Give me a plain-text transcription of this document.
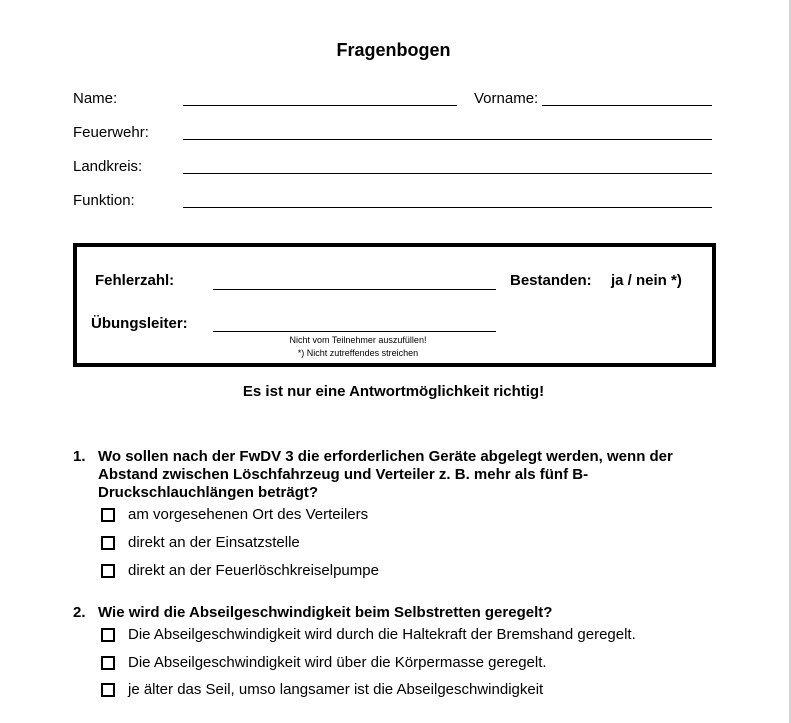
Fragenbogen
Name:	Vorname:
Feuerwehr:
Landkreis:
Funktion:
Fehlerzahl:	Bestanden: ja / nein *)
Übungsleiter:
Nicht vom Teilnehmer auszufüllen!
*) Nicht zutreffendes streichen
Es ist nur eine Antwortmöglichkeit richtig!
1. Wo sollen nach der FwDV 3 die erforderlichen Geräte abgelegt werden, wenn der Abstand zwischen Löschfahrzeug und Verteiler z. B. mehr als fünf B-Druckschlauchlängen beträgt?
am vorgesehenen Ort des Verteilers
direkt an der Einsatzstelle
direkt an der Feuerlöschkreiselpumpe
2. Wie wird die Abseilgeschwindigkeit beim Selbstretten geregelt?
Die Abseilgeschwindigkeit wird durch die Haltekraft der Bremshand geregelt.
Die Abseilgeschwindigkeit wird über die Körpermasse geregelt.
je älter das Seil, umso langsamer ist die Abseilgeschwindigkeit
